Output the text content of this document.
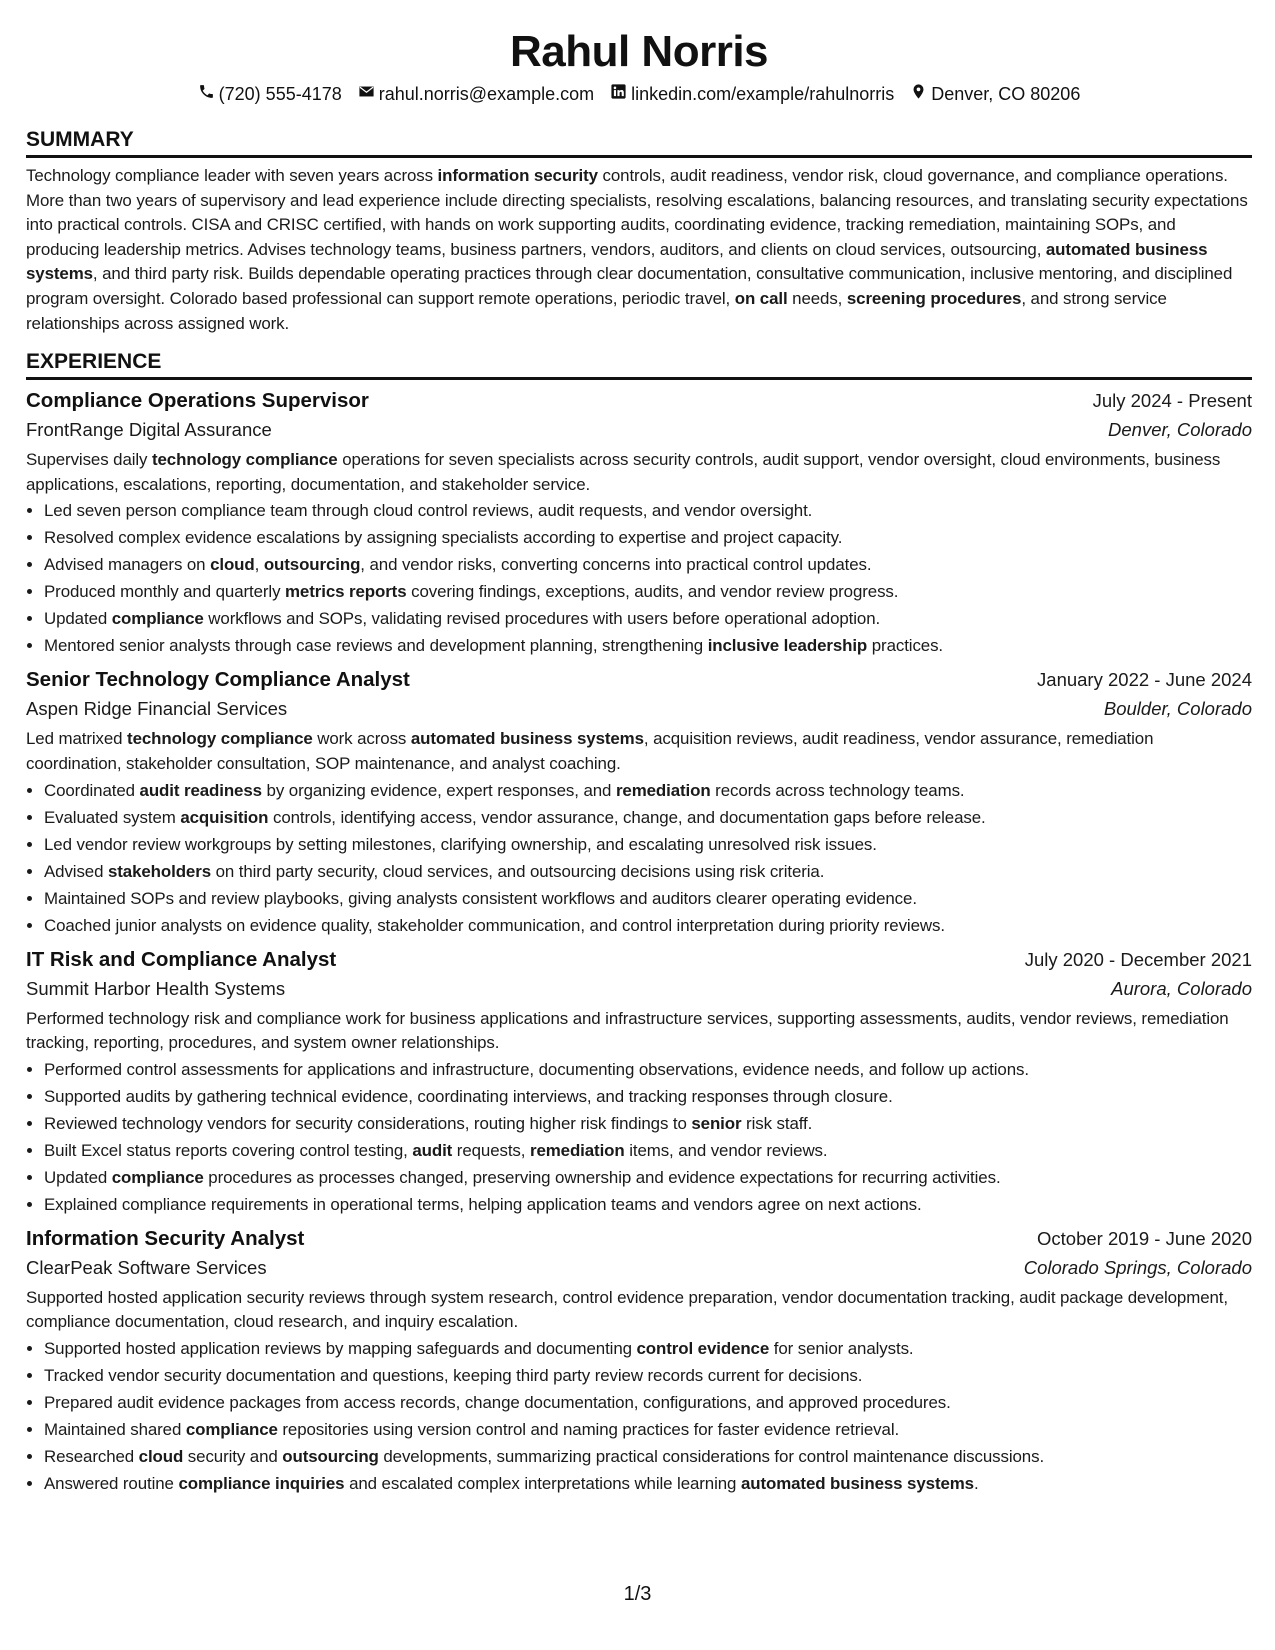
Rahul Norris
(720) 555-4178 rahul.norris@example.com linkedin.com/example/rahulnorris Denver, CO 80206
SUMMARY
Technology compliance leader with seven years across information security controls, audit readiness, vendor risk, cloud governance, and compliance operations. More than two years of supervisory and lead experience include directing specialists, resolving escalations, balancing resources, and translating security expectations into practical controls. CISA and CRISC certified, with hands on work supporting audits, coordinating evidence, tracking remediation, maintaining SOPs, and producing leadership metrics. Advises technology teams, business partners, vendors, auditors, and clients on cloud services, outsourcing, automated business systems, and third party risk. Builds dependable operating practices through clear documentation, consultative communication, inclusive mentoring, and disciplined program oversight. Colorado based professional can support remote operations, periodic travel, on call needs, screening procedures, and strong service relationships across assigned work.
EXPERIENCE
Compliance Operations Supervisor	July 2024 - Present
FrontRange Digital Assurance	Denver, Colorado
Supervises daily technology compliance operations for seven specialists across security controls, audit support, vendor oversight, cloud environments, business applications, escalations, reporting, documentation, and stakeholder service.
• Led seven person compliance team through cloud control reviews, audit requests, and vendor oversight.
• Resolved complex evidence escalations by assigning specialists according to expertise and project capacity.
• Advised managers on cloud, outsourcing, and vendor risks, converting concerns into practical control updates.
• Produced monthly and quarterly metrics reports covering findings, exceptions, audits, and vendor review progress.
• Updated compliance workflows and SOPs, validating revised procedures with users before operational adoption.
• Mentored senior analysts through case reviews and development planning, strengthening inclusive leadership practices.
Senior Technology Compliance Analyst	January 2022 - June 2024
Aspen Ridge Financial Services	Boulder, Colorado
Led matrixed technology compliance work across automated business systems, acquisition reviews, audit readiness, vendor assurance, remediation coordination, stakeholder consultation, SOP maintenance, and analyst coaching.
• Coordinated audit readiness by organizing evidence, expert responses, and remediation records across technology teams.
• Evaluated system acquisition controls, identifying access, vendor assurance, change, and documentation gaps before release.
• Led vendor review workgroups by setting milestones, clarifying ownership, and escalating unresolved risk issues.
• Advised stakeholders on third party security, cloud services, and outsourcing decisions using risk criteria.
• Maintained SOPs and review playbooks, giving analysts consistent workflows and auditors clearer operating evidence.
• Coached junior analysts on evidence quality, stakeholder communication, and control interpretation during priority reviews.
IT Risk and Compliance Analyst	July 2020 - December 2021
Summit Harbor Health Systems	Aurora, Colorado
Performed technology risk and compliance work for business applications and infrastructure services, supporting assessments, audits, vendor reviews, remediation tracking, reporting, procedures, and system owner relationships.
• Performed control assessments for applications and infrastructure, documenting observations, evidence needs, and follow up actions.
• Supported audits by gathering technical evidence, coordinating interviews, and tracking responses through closure.
• Reviewed technology vendors for security considerations, routing higher risk findings to senior risk staff.
• Built Excel status reports covering control testing, audit requests, remediation items, and vendor reviews.
• Updated compliance procedures as processes changed, preserving ownership and evidence expectations for recurring activities.
• Explained compliance requirements in operational terms, helping application teams and vendors agree on next actions.
Information Security Analyst	October 2019 - June 2020
ClearPeak Software Services	Colorado Springs, Colorado
Supported hosted application security reviews through system research, control evidence preparation, vendor documentation tracking, audit package development, compliance documentation, cloud research, and inquiry escalation.
• Supported hosted application reviews by mapping safeguards and documenting control evidence for senior analysts.
• Tracked vendor security documentation and questions, keeping third party review records current for decisions.
• Prepared audit evidence packages from access records, change documentation, configurations, and approved procedures.
• Maintained shared compliance repositories using version control and naming practices for faster evidence retrieval.
• Researched cloud security and outsourcing developments, summarizing practical considerations for control maintenance discussions.
• Answered routine compliance inquiries and escalated complex interpretations while learning automated business systems.
1/3
